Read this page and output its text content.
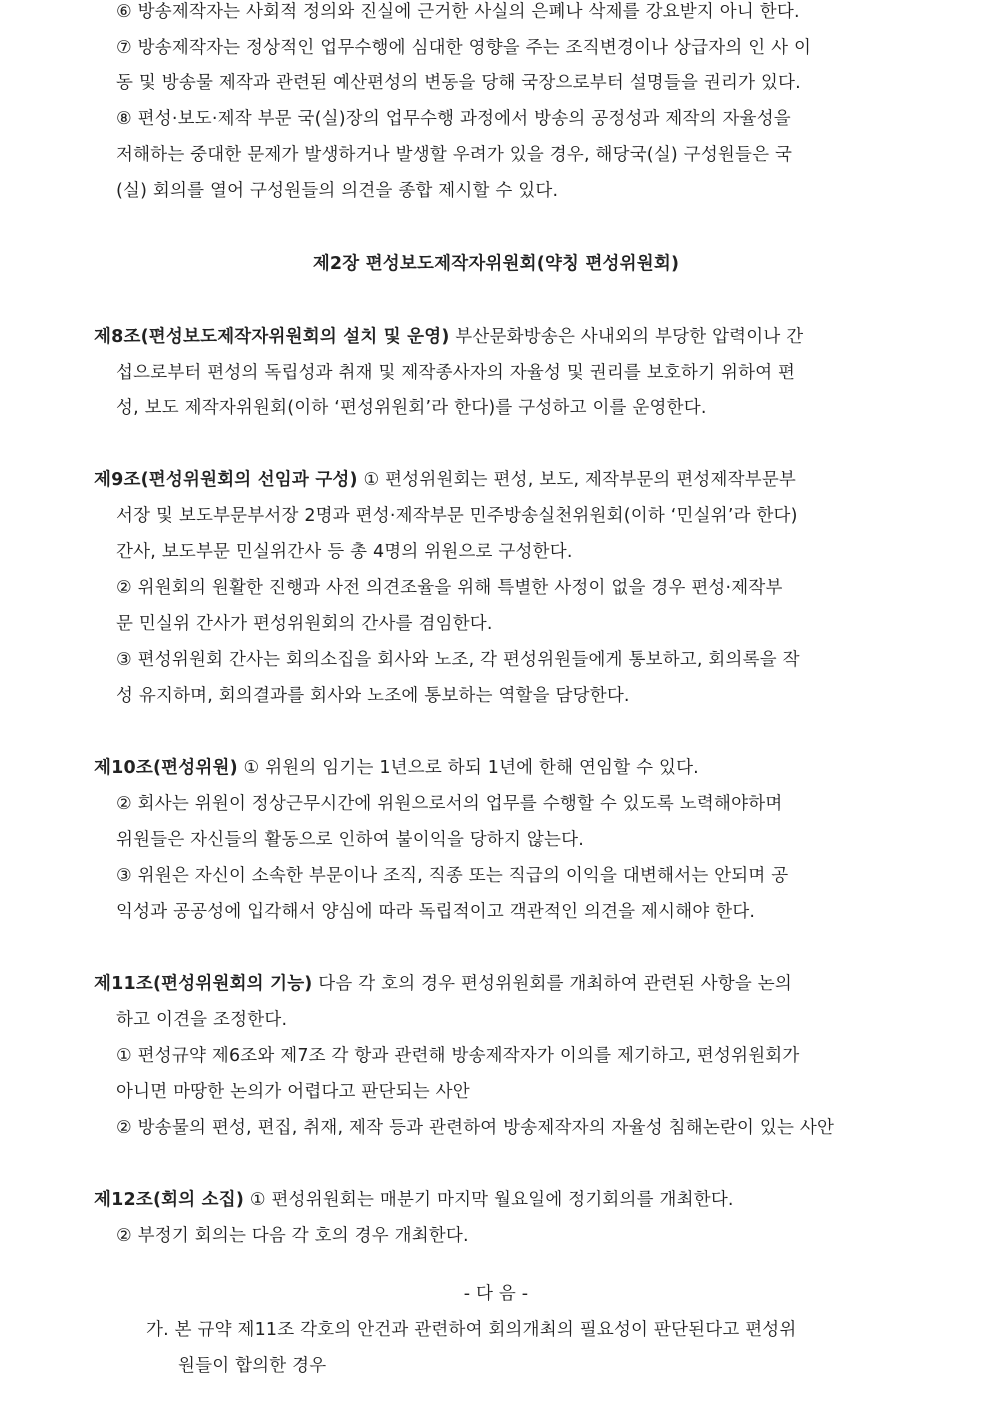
⑥ 방송제작자는 사회적 정의와 진실에 근거한 사실의 은폐나 삭제를 강요받지 아니 한다.
⑦ 방송제작자는 정상적인 업무수행에 심대한 영향을 주는 조직변경이나 상급자의 인 사 이
동 및 방송물 제작과 관련된 예산편성의 변동을 당해 국장으로부터 설명들을 권리가 있다.
⑧ 편성·보도·제작 부문 국(실)장의 업무수행 과정에서 방송의 공정성과 제작의 자율성을
저해하는 중대한 문제가 발생하거나 발생할 우려가 있을 경우, 해당국(실) 구성원들은 국
(실) 회의를 열어 구성원들의 의견을 종합 제시할 수 있다.
제2장 편성보도제작자위원회(약칭 편성위원회)
제8조(편성보도제작자위원회의 설치 및 운영) 부산문화방송은 사내외의 부당한 압력이나 간
섭으로부터 편성의 독립성과 취재 및 제작종사자의 자율성 및 권리를 보호하기 위하여 편
성, 보도 제작자위원회(이하 ‘편성위원회’라 한다)를 구성하고 이를 운영한다.
제9조(편성위원회의 선임과 구성) ① 편성위원회는 편성, 보도, 제작부문의 편성제작부문부
서장 및 보도부문부서장 2명과 편성·제작부문 민주방송실천위원회(이하 ‘민실위’라 한다)
간사, 보도부문 민실위간사 등 총 4명의 위원으로 구성한다.
② 위원회의 원활한 진행과 사전 의견조율을 위해 특별한 사정이 없을 경우 편성·제작부
문 민실위 간사가 편성위원회의 간사를 겸임한다.
③ 편성위원회 간사는 회의소집을 회사와 노조, 각 편성위원들에게 통보하고, 회의록을 작
성 유지하며, 회의결과를 회사와 노조에 통보하는 역할을 담당한다.
제10조(편성위원) ① 위원의 임기는 1년으로 하되 1년에 한해 연임할 수 있다.
② 회사는 위원이 정상근무시간에 위원으로서의 업무를 수행할 수 있도록 노력해야하며
위원들은 자신들의 활동으로 인하여 불이익을 당하지 않는다.
③ 위원은 자신이 소속한 부문이나 조직, 직종 또는 직급의 이익을 대변해서는 안되며 공
익성과 공공성에 입각해서 양심에 따라 독립적이고 객관적인 의견을 제시해야 한다.
제11조(편성위원회의 기능) 다음 각 호의 경우 편성위원회를 개최하여 관련된 사항을 논의
하고 이견을 조정한다.
① 편성규약 제6조와 제7조 각 항과 관련해 방송제작자가 이의를 제기하고, 편성위원회가
아니면 마땅한 논의가 어렵다고 판단되는 사안
② 방송물의 편성, 편집, 취재, 제작 등과 관련하여 방송제작자의 자율성 침해논란이 있는 사안
제12조(회의 소집) ① 편성위원회는 매분기 마지막 월요일에 정기회의를 개최한다.
② 부정기 회의는 다음 각 호의 경우 개최한다.
- 다 음 -
가. 본 규약 제11조 각호의 안건과 관련하여 회의개최의 필요성이 판단된다고 편성위
원들이 합의한 경우
